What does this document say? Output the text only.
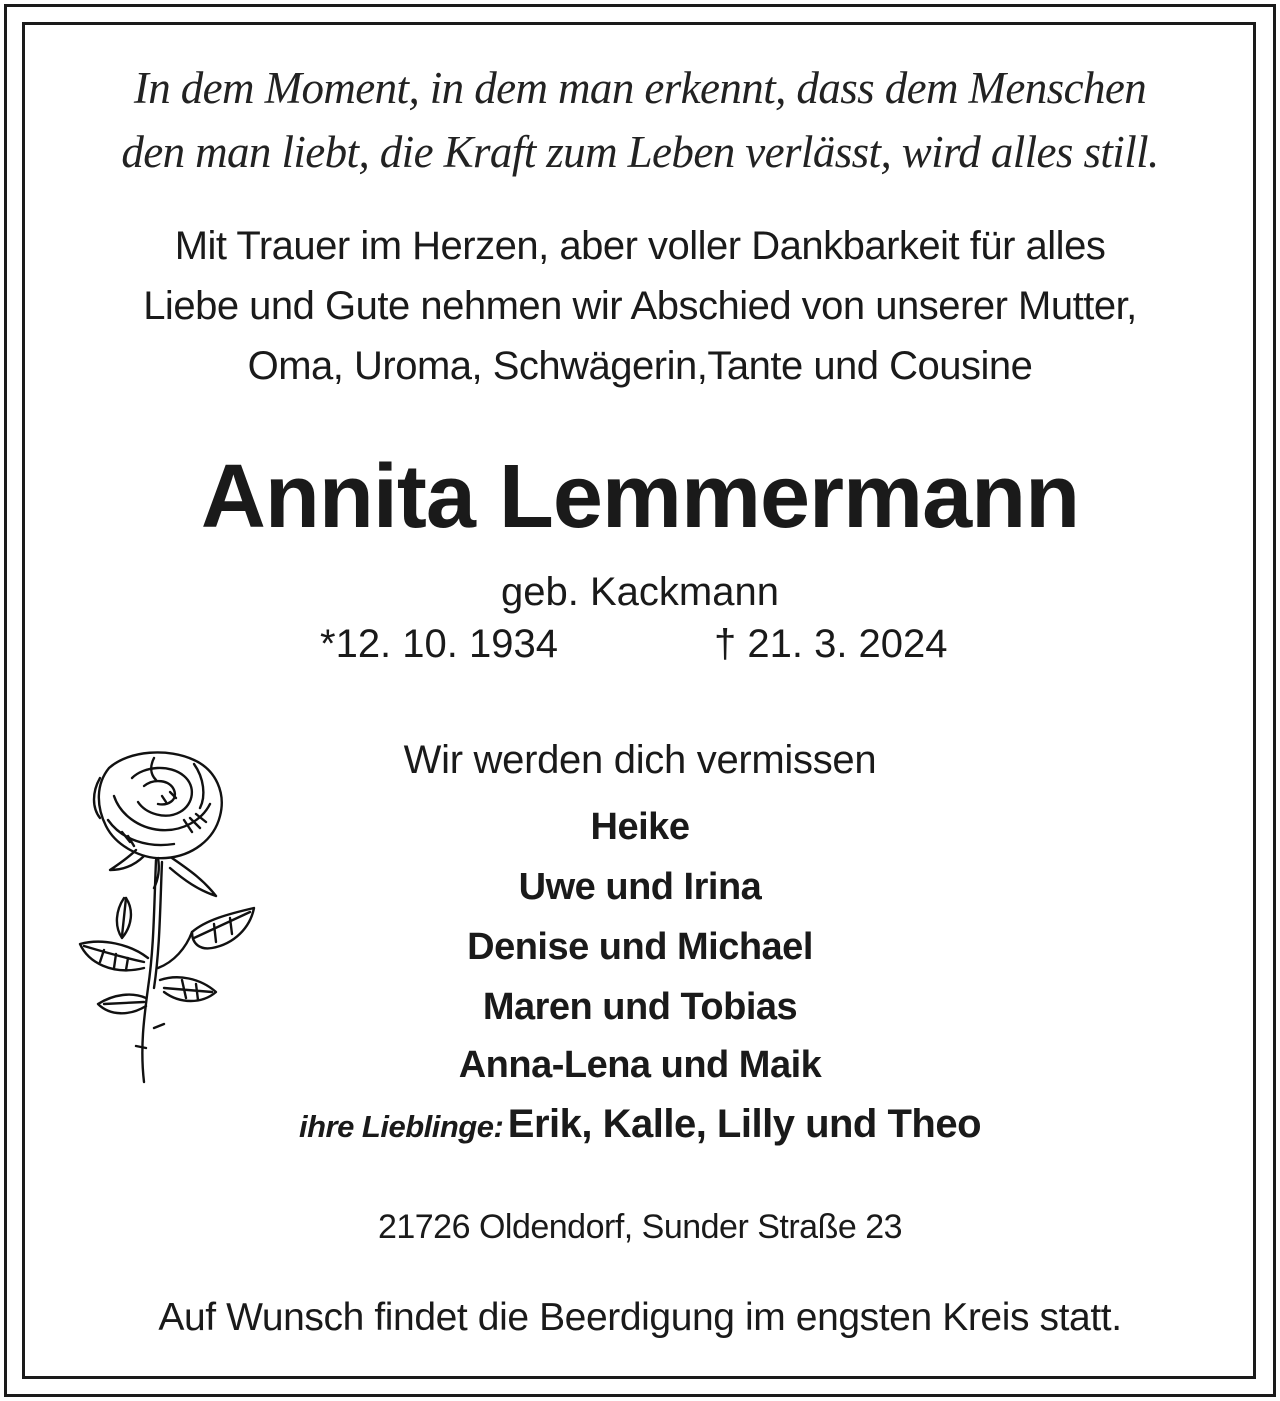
In dem Moment, in dem man erkennt, dass dem Menschen
den man liebt, die Kraft zum Leben verlässt, wird alles still.
Mit Trauer im Herzen, aber voller Dankbarkeit für alles
Liebe und Gute nehmen wir Abschied von unserer Mutter,
Oma, Uroma, Schwägerin,Tante und Cousine
Annita Lemmermann
geb. Kackmann
*12. 10. 1934	† 21. 3. 2024
Wir werden dich vermissen
Heike
Uwe und Irina
Denise und Michael
Maren und Tobias
Anna-Lena und Maik
ihre Lieblinge: Erik, Kalle, Lilly und Theo
21726 Oldendorf, Sunder Straße 23
Auf Wunsch findet die Beerdigung im engsten Kreis statt.
